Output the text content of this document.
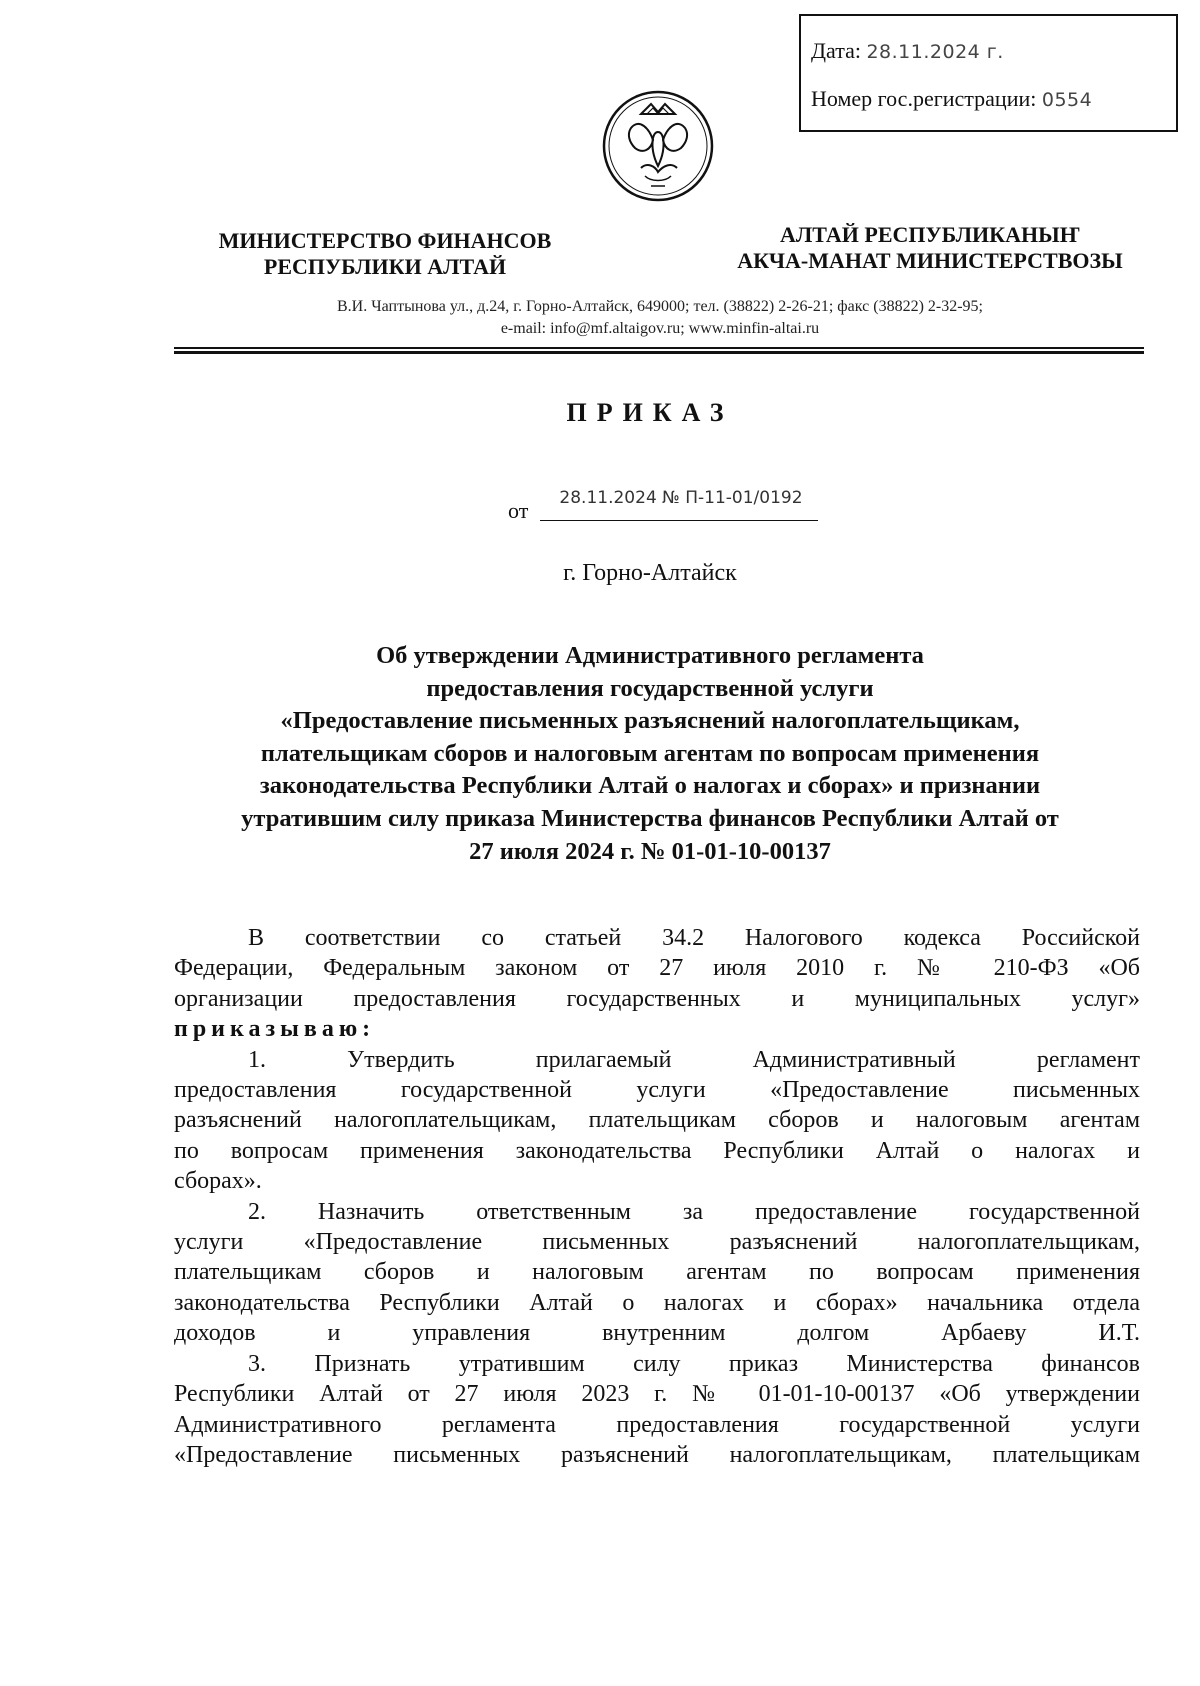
Дата: 28.11.2024 г.
Номер гос.регистрации: 0554
МИНИСТЕРСТВО ФИНАНСОВ
РЕСПУБЛИКИ АЛТАЙ
АЛТАЙ РЕСПУБЛИКАНЫҤ
АКЧА-МАНАТ МИНИСТЕРСТВОЗЫ
В.И. Чаптынова ул., д.24, г. Горно-Алтайск, 649000; тел. (38822) 2-26-21; факс (38822) 2-32-95;
e-mail: info@mf.altaigov.ru; www.minfin-altai.ru
ПРИКАЗ
от	28.11.2024 № П-11-01/0192
г. Горно-Алтайск
Об утверждении Административного регламента
предоставления государственной услуги
«Предоставление письменных разъяснений налогоплательщикам,
плательщикам сборов и налоговым агентам по вопросам применения
законодательства Республики Алтай о налогах и сборах» и признании
утратившим силу приказа Министерства финансов Республики Алтай от
27 июля 2024 г. № 01-01-10-00137
В соответствии со статьей 34.2 Налогового кодекса Российской
Федерации, Федеральным законом от 27 июля 2010 г. № 210-ФЗ «Об
организации предоставления государственных и муниципальных услуг»
приказываю:
1. Утвердить прилагаемый Административный регламент
предоставления государственной услуги «Предоставление письменных
разъяснений налогоплательщикам, плательщикам сборов и налоговым агентам
по вопросам применения законодательства Республики Алтай о налогах и
сборах».
2. Назначить ответственным за предоставление государственной
услуги «Предоставление письменных разъяснений налогоплательщикам,
плательщикам сборов и налоговым агентам по вопросам применения
законодательства Республики Алтай о налогах и сборах» начальника отдела
доходов и управления внутренним долгом Арбаеву И.Т.
3. Признать утратившим силу приказ Министерства финансов
Республики Алтай от 27 июля 2023 г. № 01-01-10-00137 «Об утверждении
Административного регламента предоставления государственной услуги
«Предоставление письменных разъяснений налогоплательщикам, плательщикам
